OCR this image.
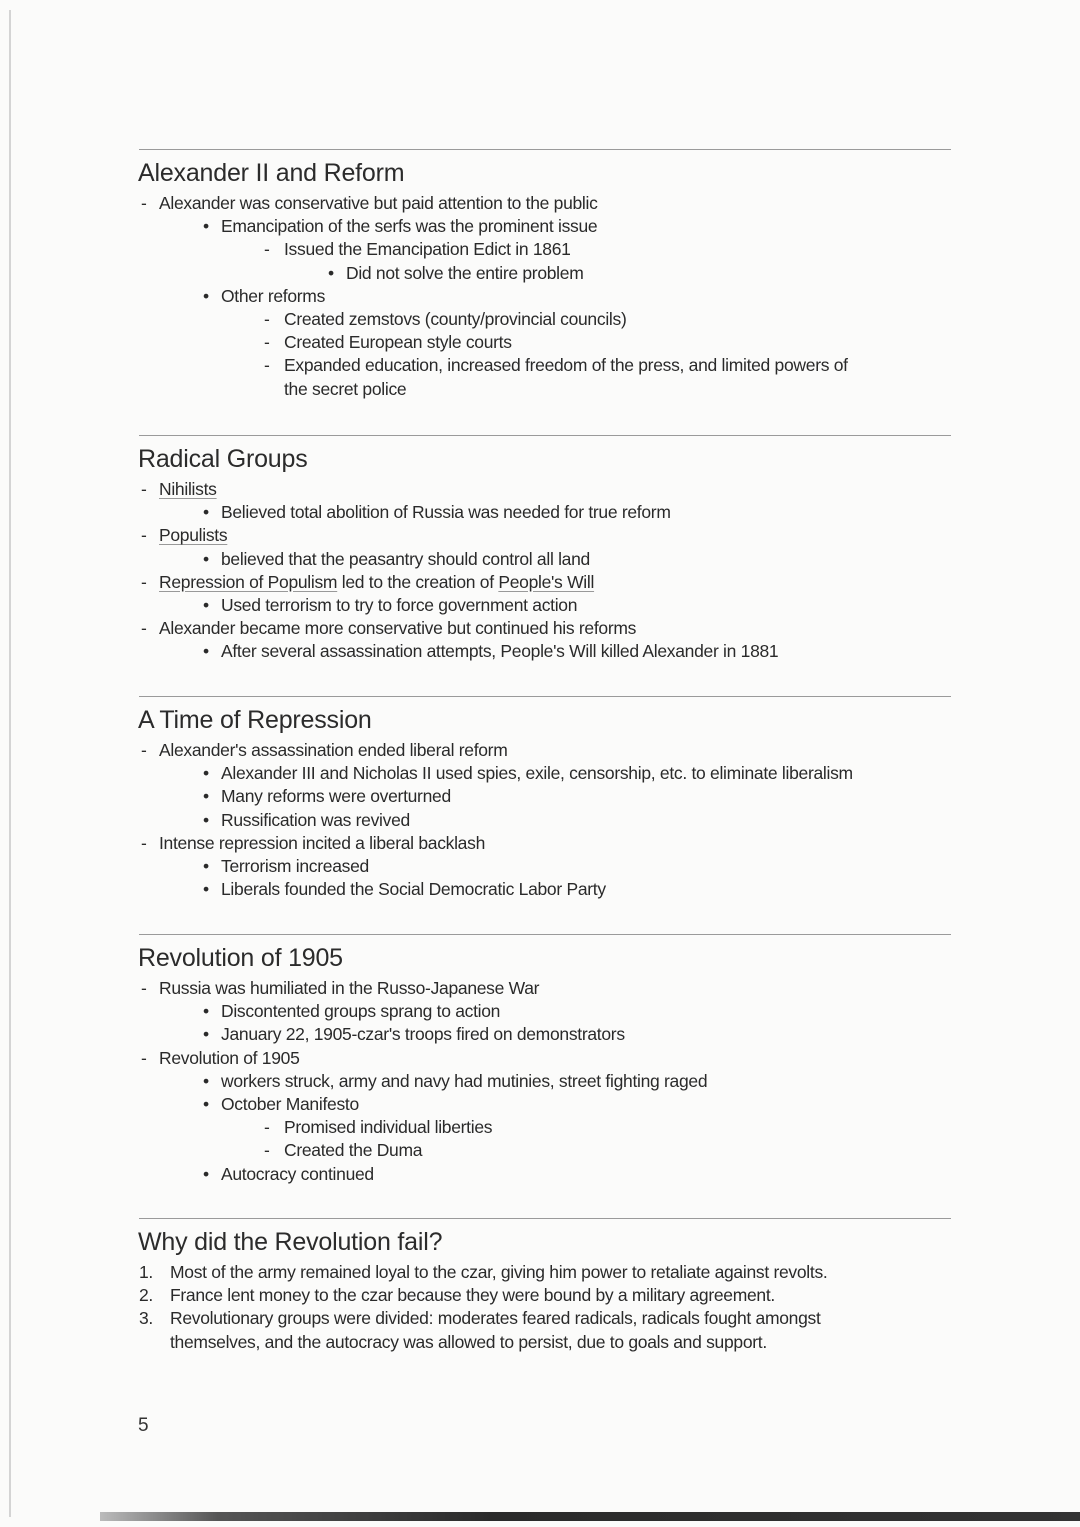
Alexander II and Reform
- Alexander was conservative but paid attention to the public
• Emancipation of the serfs was the prominent issue
- Issued the Emancipation Edict in 1861
• Did not solve the entire problem
• Other reforms
- Created zemstovs (county/provincial councils)
- Created European style courts
- Expanded education, increased freedom of the press, and limited powers of
the secret police
Radical Groups
- Nihilists
• Believed total abolition of Russia was needed for true reform
- Populists
• believed that the peasantry should control all land
- Repression of Populism led to the creation of People's Will
• Used terrorism to try to force government action
- Alexander became more conservative but continued his reforms
• After several assassination attempts, People's Will killed Alexander in 1881
A Time of Repression
- Alexander's assassination ended liberal reform
• Alexander III and Nicholas II used spies, exile, censorship, etc. to eliminate liberalism
• Many reforms were overturned
• Russification was revived
- Intense repression incited a liberal backlash
• Terrorism increased
• Liberals founded the Social Democratic Labor Party
Revolution of 1905
- Russia was humiliated in the Russo-Japanese War
• Discontented groups sprang to action
• January 22, 1905-czar's troops fired on demonstrators
- Revolution of 1905
• workers struck, army and navy had mutinies, street fighting raged
• October Manifesto
- Promised individual liberties
- Created the Duma
• Autocracy continued
Why did the Revolution fail?
1. Most of the army remained loyal to the czar, giving him power to retaliate against revolts.
2. France lent money to the czar because they were bound by a military agreement.
3. Revolutionary groups were divided: moderates feared radicals, radicals fought amongst
themselves, and the autocracy was allowed to persist, due to goals and support.
5
